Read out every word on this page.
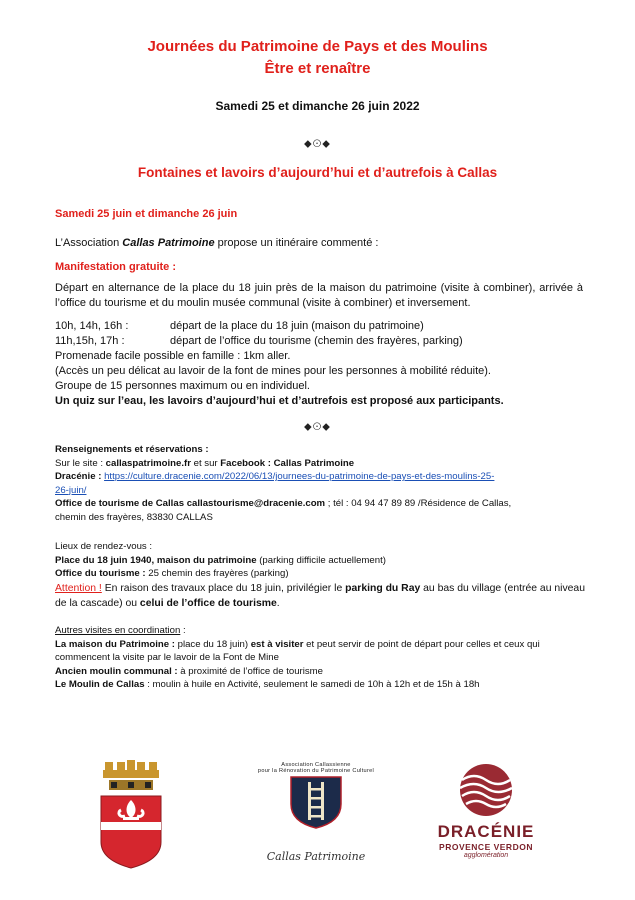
Journées du Patrimoine de Pays et des Moulins
Être et renaître
Samedi 25 et dimanche 26 juin 2022
⬥⊙⬥
Fontaines et lavoirs d’aujourd’hui et d’autrefois à Callas
Samedi 25 juin et dimanche 26 juin
L’Association Callas Patrimoine propose un itinéraire commenté :
Manifestation gratuite :
Départ en alternance de la place du 18 juin près de la maison du patrimoine (visite à combiner), arrivée à l’office du tourisme et du moulin musée communal (visite à combiner) et inversement.
10h, 14h, 16h :	départ de la place du 18 juin (maison du patrimoine)
11h,15h, 17h :	départ de l’office du tourisme (chemin des frayères, parking)
Promenade facile possible en famille : 1km aller.
(Accès un peu délicat au lavoir de la font de mines pour les personnes à mobilité réduite).
Groupe de 15 personnes maximum ou en individuel.
Un quiz sur l’eau, les lavoirs d’aujourd’hui et d’autrefois est proposé aux participants.
⬥⊙⬥
Renseignements et réservations :
Sur le site : callaspatrimoine.fr et sur Facebook : Callas Patrimoine
Dracénie : https://culture.dracenie.com/2022/06/13/journees-du-patrimoine-de-pays-et-des-moulins-25-
26-juin/
Office de tourisme de Callas callastourisme@dracenie.com ; tél : 04 94 47 89 89 /Résidence de Callas,
chemin des frayères, 83830 CALLAS
Lieux de rendez-vous :
Place du 18 juin 1940, maison du patrimoine (parking difficile actuellement)
Office du tourisme : 25 chemin des frayères (parking)
Attention ! En raison des travaux place du 18 juin, privilégier le parking du Ray au bas du village (entrée au niveau de la cascade) ou celui de l’office de tourisme.
Autres visites en coordination :
La maison du Patrimoine : place du 18 juin) est à visiter et peut servir de point de départ pour celles et ceux qui commencent la visite par le lavoir de la Font de Mine
Ancien moulin communal : à proximité de l’office de tourisme
Le Moulin de Callas : moulin à huile en Activité, seulement le samedi de 10h à 12h et de 15h à 18h
Association Callassienne
pour la Rénovation du Patrimoine Culturel
Callas Patrimoine
DRACÉNIE
PROVENCE VERDON
agglomération
